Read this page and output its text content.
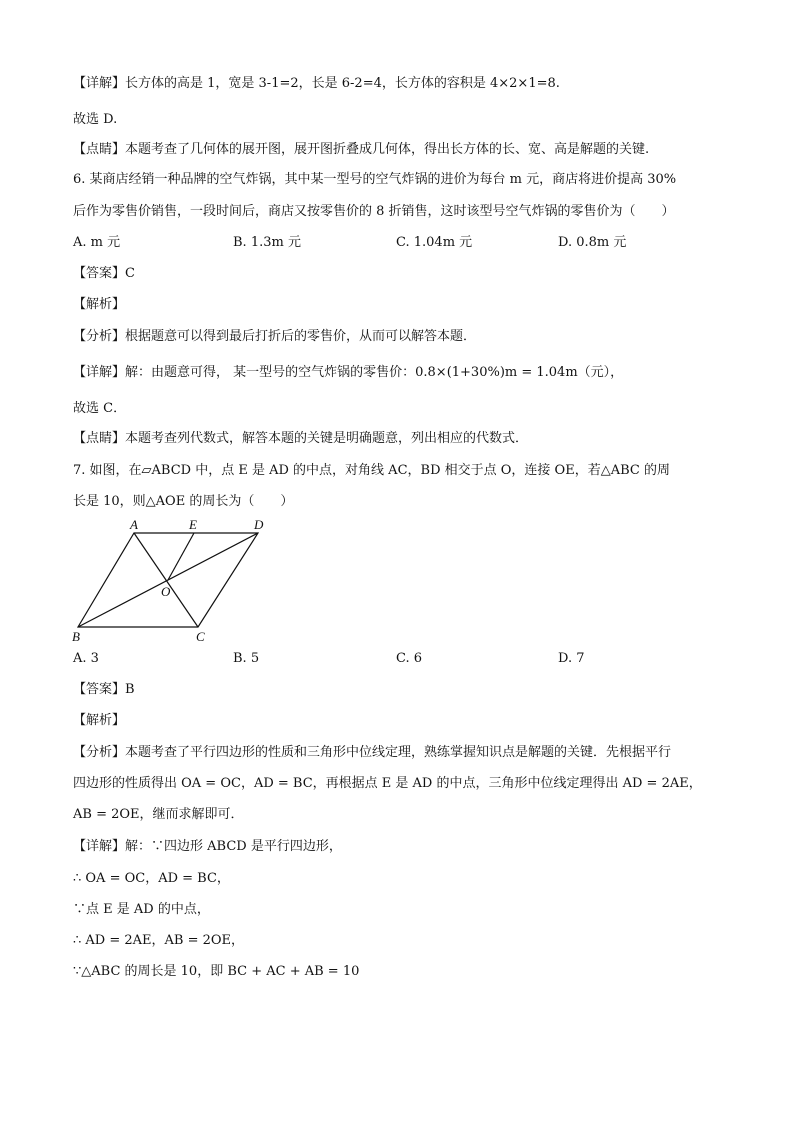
【详解】长方体的高是 1，宽是 3-1=2，长是 6-2=4，长方体的容积是 4×2×1=8.
故选 D.
【点睛】本题考查了几何体的展开图，展开图折叠成几何体，得出长方体的长、宽、高是解题的关键.
6. 某商店经销一种品牌的空气炸锅，其中某一型号的空气炸锅的进价为每台 m 元，商店将进价提高 30%
后作为零售价销售，一段时间后，商店又按零售价的 8 折销售，这时该型号空气炸锅的零售价为（　　）
A. m 元	B. 1.3m 元	C. 1.04m 元	D. 0.8m 元
【答案】C
【解析】
【分析】根据题意可以得到最后打折后的零售价，从而可以解答本题．
【详解】解：由题意可得， 某一型号的空气炸锅的零售价：0.8×(1+30%)m = 1.04m（元），
故选 C．
【点睛】本题考查列代数式，解答本题的关键是明确题意，列出相应的代数式．
7. 如图，在▱ABCD 中，点 E 是 AD 的中点，对角线 AC，BD 相交于点 O，连接 OE，若△ABC 的周
长是 10，则△AOE 的周长为（　　）
A	E	D
O
B	C
A. 3	B. 5	C. 6	D. 7
【答案】B
【解析】
【分析】本题考查了平行四边形的性质和三角形中位线定理，熟练掌握知识点是解题的关键．先根据平行
四边形的性质得出 OA = OC，AD = BC，再根据点 E 是 AD 的中点，三角形中位线定理得出 AD = 2AE，
AB = 2OE，继而求解即可．
【详解】解：∵四边形 ABCD 是平行四边形，
∴ OA = OC，AD = BC，
∵点 E 是 AD 的中点，
∴ AD = 2AE，AB = 2OE，
∵△ABC 的周长是 10，即 BC + AC + AB = 10
